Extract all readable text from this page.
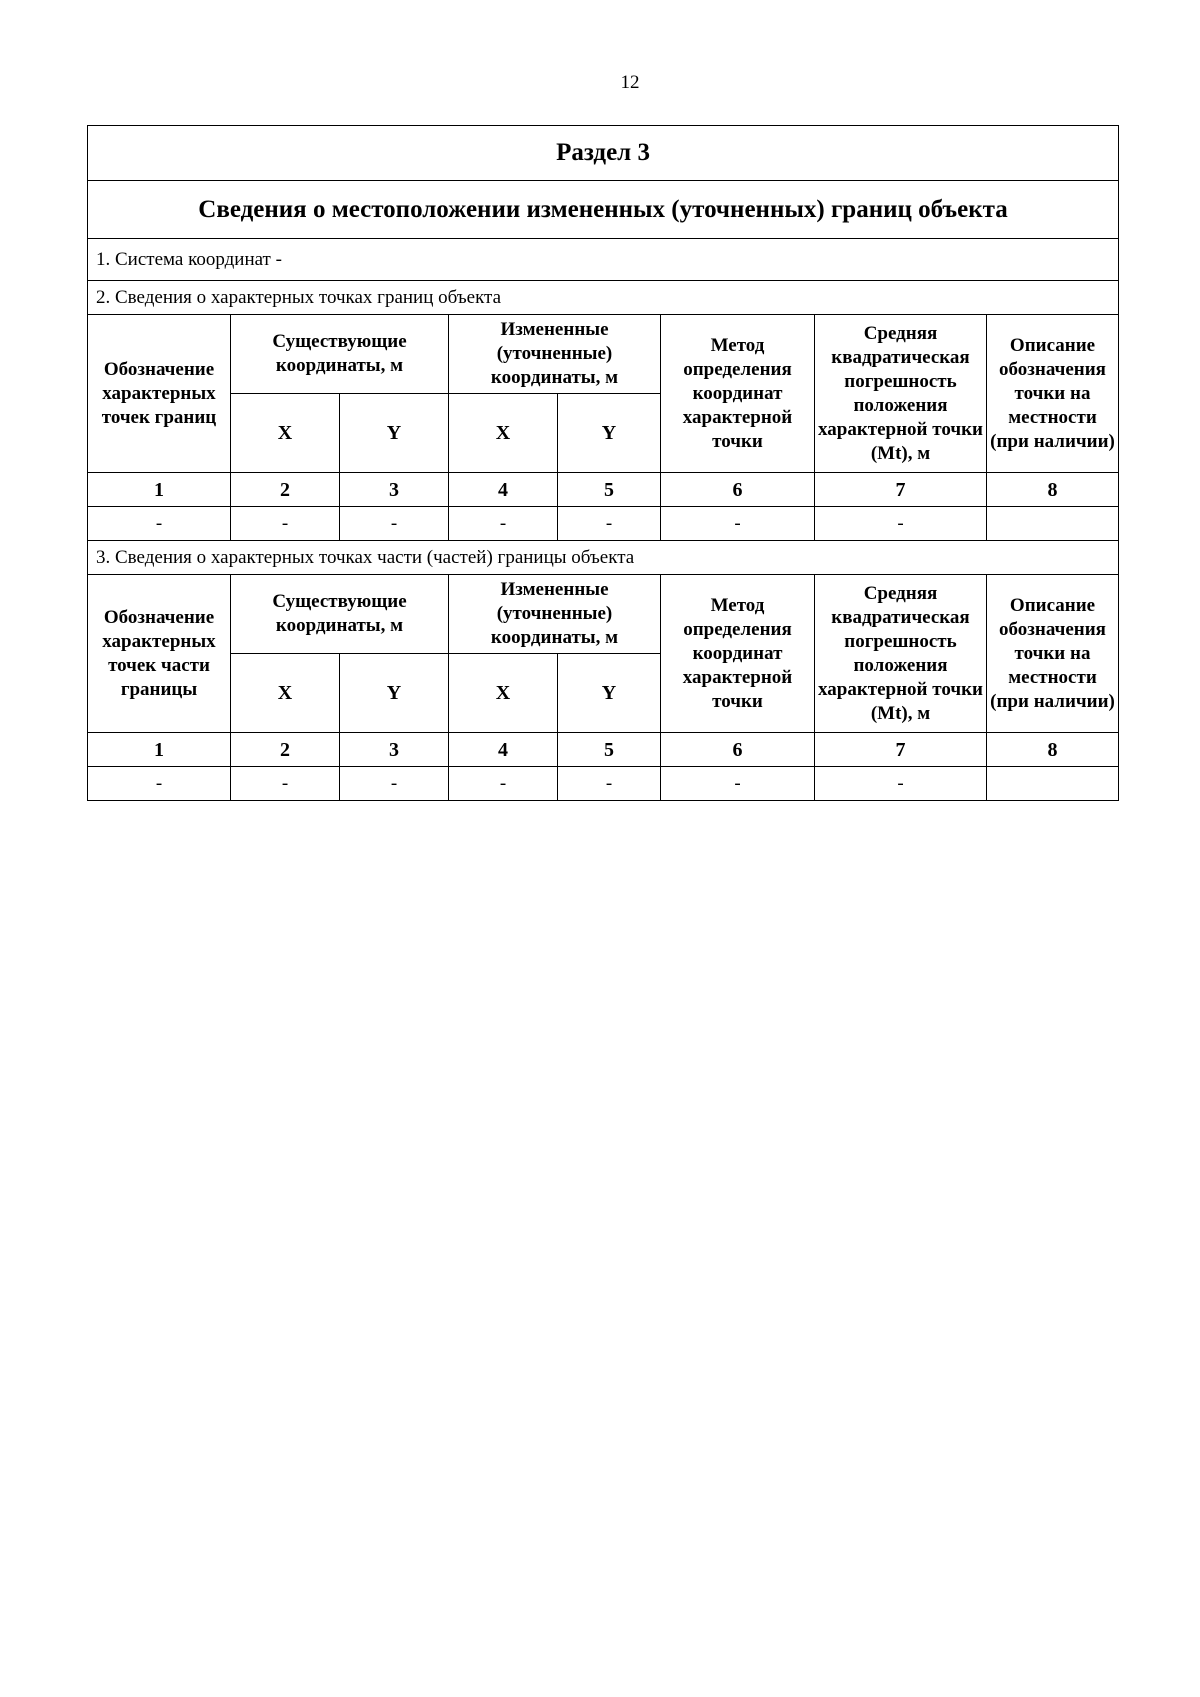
12
Раздел 3							
Сведения о местоположении измененных (уточненных) границ объекта							
1. Система координат -							
2. Сведения о характерных точках границ объекта							
Обозначение характерных точек границ	Существующие координаты, м		Измененные (уточненные) координаты, м		Метод определения координат характерной точки	Средняя квадратическая погрешность положения характерной точки (Mt), м	Описание обозначения точки на местности (при наличии)
	X	Y	X	Y			
1	2	3	4	5	6	7	8
-	-	-	-	-	-	-	
3. Сведения о характерных точках части (частей) границы объекта							
Обозначение характерных точек части границы	Существующие координаты, м		Измененные (уточненные) координаты, м		Метод определения координат характерной точки	Средняя квадратическая погрешность положения характерной точки (Mt), м	Описание обозначения точки на местности (при наличии)
	X	Y	X	Y			
1	2	3	4	5	6	7	8
-	-	-	-	-	-	-	
